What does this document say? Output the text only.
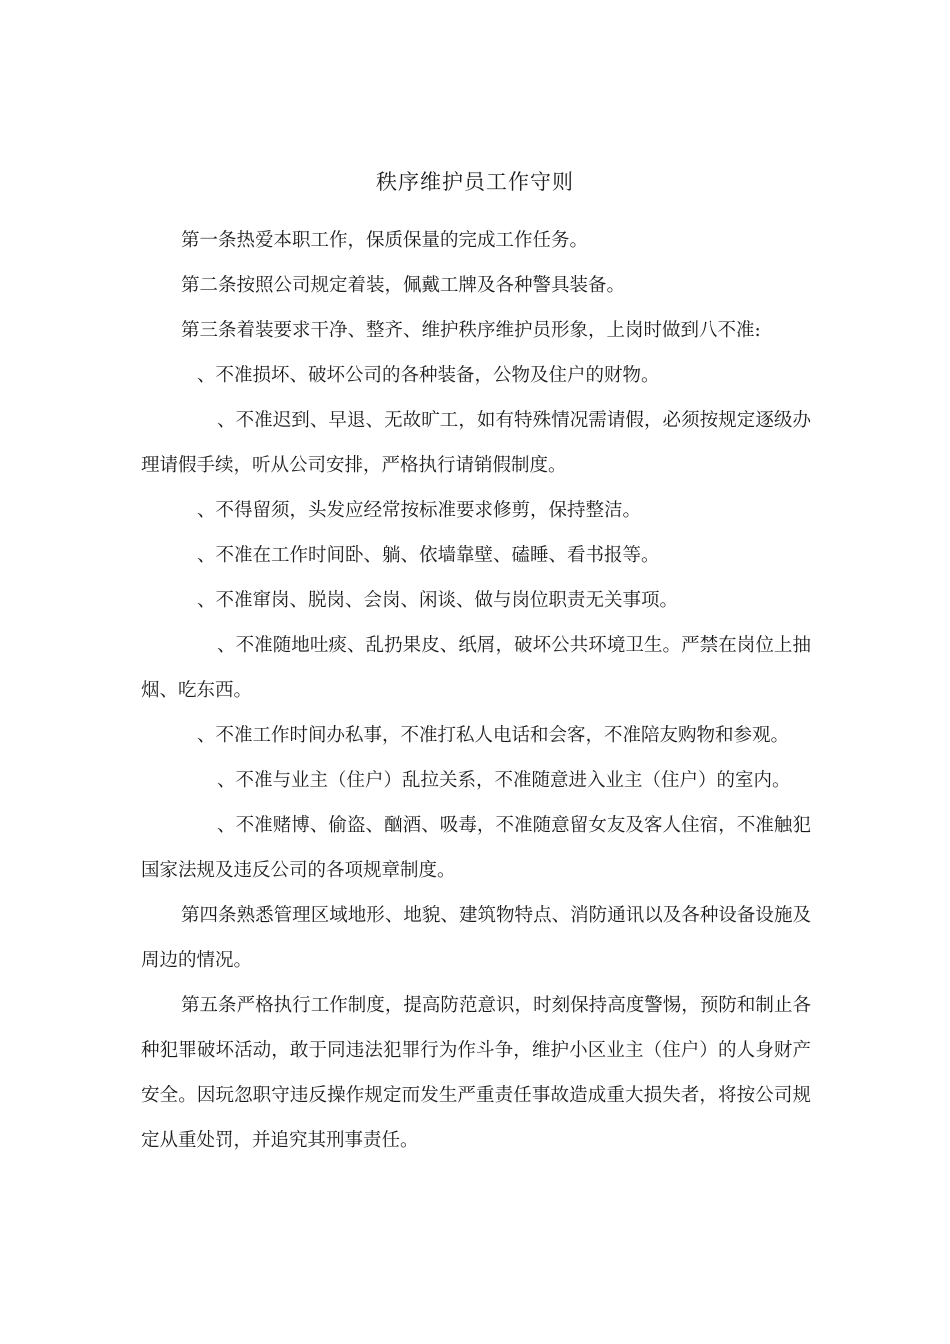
秩序维护员工作守则

第一条热爱本职工作，保质保量的完成工作任务。

第二条按照公司规定着装，佩戴工牌及各种警具装备。

第三条着装要求干净、整齐、维护秩序维护员形象，上岗时做到八不准:

、不准损坏、破坏公司的各种装备，公物及住户的财物。

、不准迟到、早退、无故旷工，如有特殊情况需请假，必须按规定逐级办理请假手续，听从公司安排，严格执行请销假制度。

、不得留须，头发应经常按标准要求修剪，保持整洁。

、不准在工作时间卧、躺、依墙靠壁、磕睡、看书报等。

、不准窜岗、脱岗、会岗、闲谈、做与岗位职责无关事项。

、不准随地吐痰、乱扔果皮、纸屑，破坏公共环境卫生。严禁在岗位上抽烟、吃东西。

、不准工作时间办私事，不准打私人电话和会客，不准陪友购物和参观。

、不准与业主（住户）乱拉关系，不准随意进入业主（住户）的室内。

、不准赌博、偷盗、酗酒、吸毒，不准随意留女友及客人住宿，不准触犯国家法规及违反公司的各项规章制度。

第四条熟悉管理区域地形、地貌、建筑物特点、消防通讯以及各种设备设施及周边的情况。

第五条严格执行工作制度，提高防范意识，时刻保持高度警惕，预防和制止各种犯罪破坏活动，敢于同违法犯罪行为作斗争，维护小区业主（住户）的人身财产安全。因玩忽职守违反操作规定而发生严重责任事故造成重大损失者，将按公司规定从重处罚，并追究其刑事责任。
